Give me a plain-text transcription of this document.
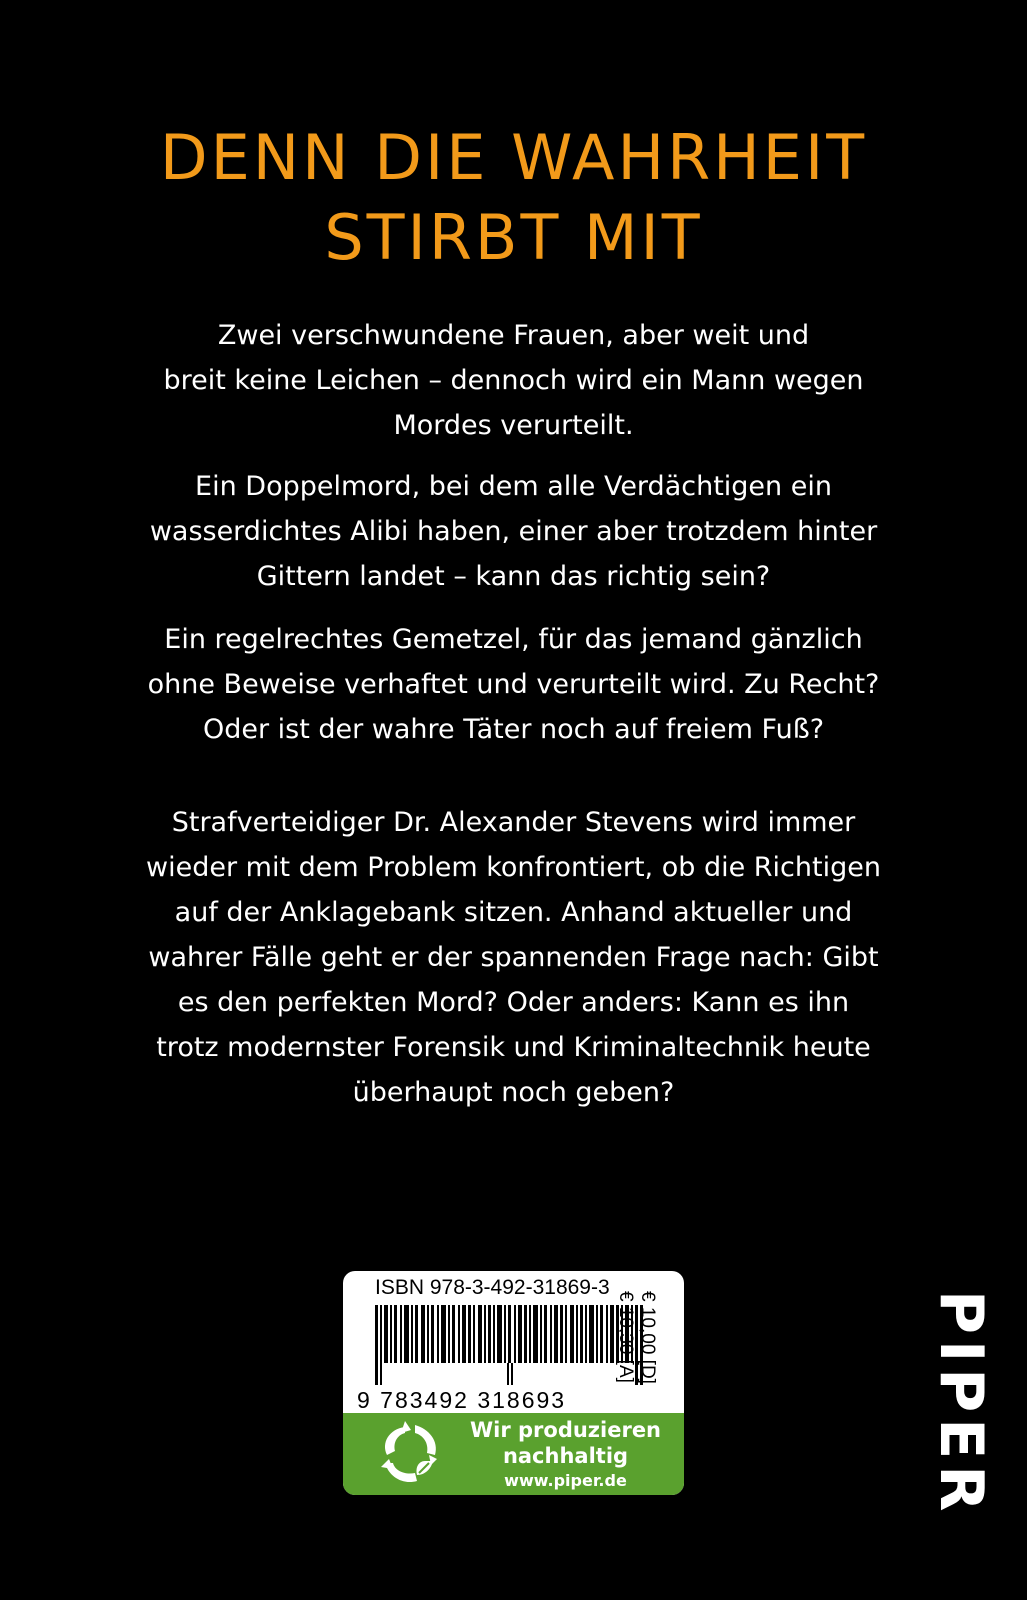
DENN DIE WAHRHEIT
STIRBT MIT
Zwei verschwundene Frauen, aber weit und
breit keine Leichen – dennoch wird ein Mann wegen
Mordes verurteilt.
Ein Doppelmord, bei dem alle Verdächtigen ein
wasserdichtes Alibi haben, einer aber trotzdem hinter
Gittern landet – kann das richtig sein?
Ein regelrechtes Gemetzel, für das jemand gänzlich
ohne Beweise verhaftet und verurteilt wird. Zu Recht?
Oder ist der wahre Täter noch auf freiem Fuß?
Strafverteidiger Dr. Alexander Stevens wird immer
wieder mit dem Problem konfrontiert, ob die Richtigen
auf der Anklagebank sitzen. Anhand aktueller und
wahrer Fälle geht er der spannenden Frage nach: Gibt
es den perfekten Mord? Oder anders: Kann es ihn
trotz modernster Forensik und Kriminaltechnik heute
überhaupt noch geben?
ISBN 978-3-492-31869-3
9 783492 318693
€ 10,00 [D]
€ 10,30 [A]
Wir produzieren
nachhaltig
www.piper.de	PIPER
